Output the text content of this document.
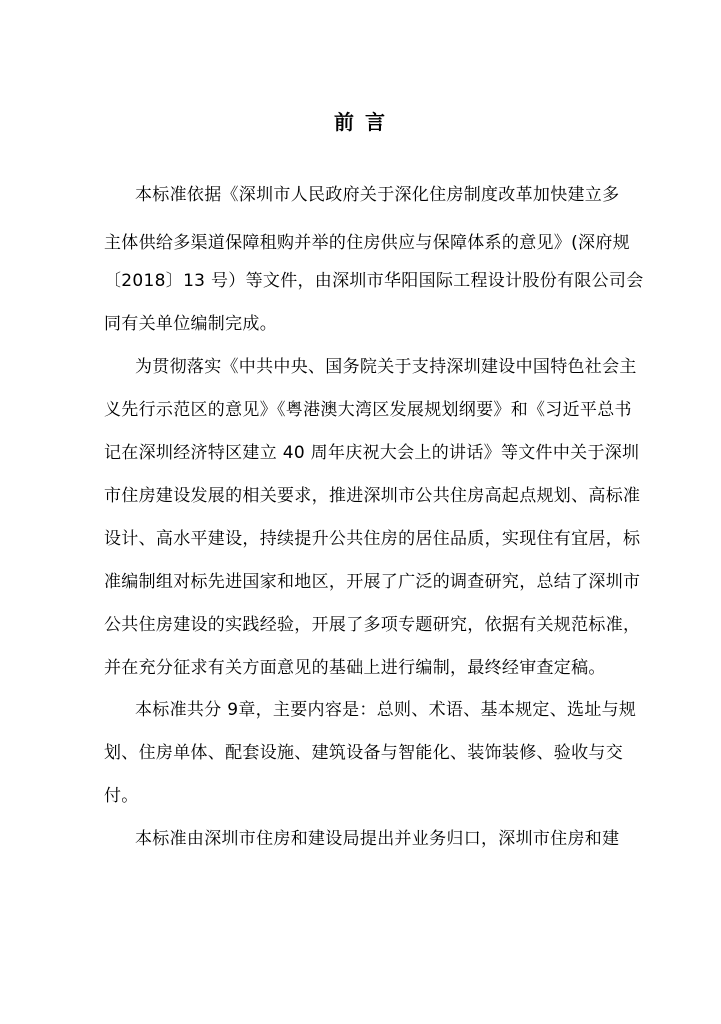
前 言
本标准依据《深圳市人民政府关于深化住房制度改革加快建立多
主体供给多渠道保障租购并举的住房供应与保障体系的意见》(深府规
〔2018〕13 号）等文件，由深圳市华阳国际工程设计股份有限公司会
同有关单位编制完成。
为贯彻落实《中共中央、国务院关于支持深圳建设中国特色社会主
义先行示范区的意见》《粤港澳大湾区发展规划纲要》和《习近平总书
记在深圳经济特区建立 40 周年庆祝大会上的讲话》等文件中关于深圳
市住房建设发展的相关要求，推进深圳市公共住房高起点规划、高标准
设计、高水平建设，持续提升公共住房的居住品质，实现住有宜居，标
准编制组对标先进国家和地区，开展了广泛的调查研究，总结了深圳市
公共住房建设的实践经验，开展了多项专题研究，依据有关规范标准，
并在充分征求有关方面意见的基础上进行编制，最终经审查定稿。
本标准共分 9章，主要内容是：总则、术语、基本规定、选址与规
划、住房单体、配套设施、建筑设备与智能化、装饰装修、验收与交
付。
本标准由深圳市住房和建设局提出并业务归口，深圳市住房和建
